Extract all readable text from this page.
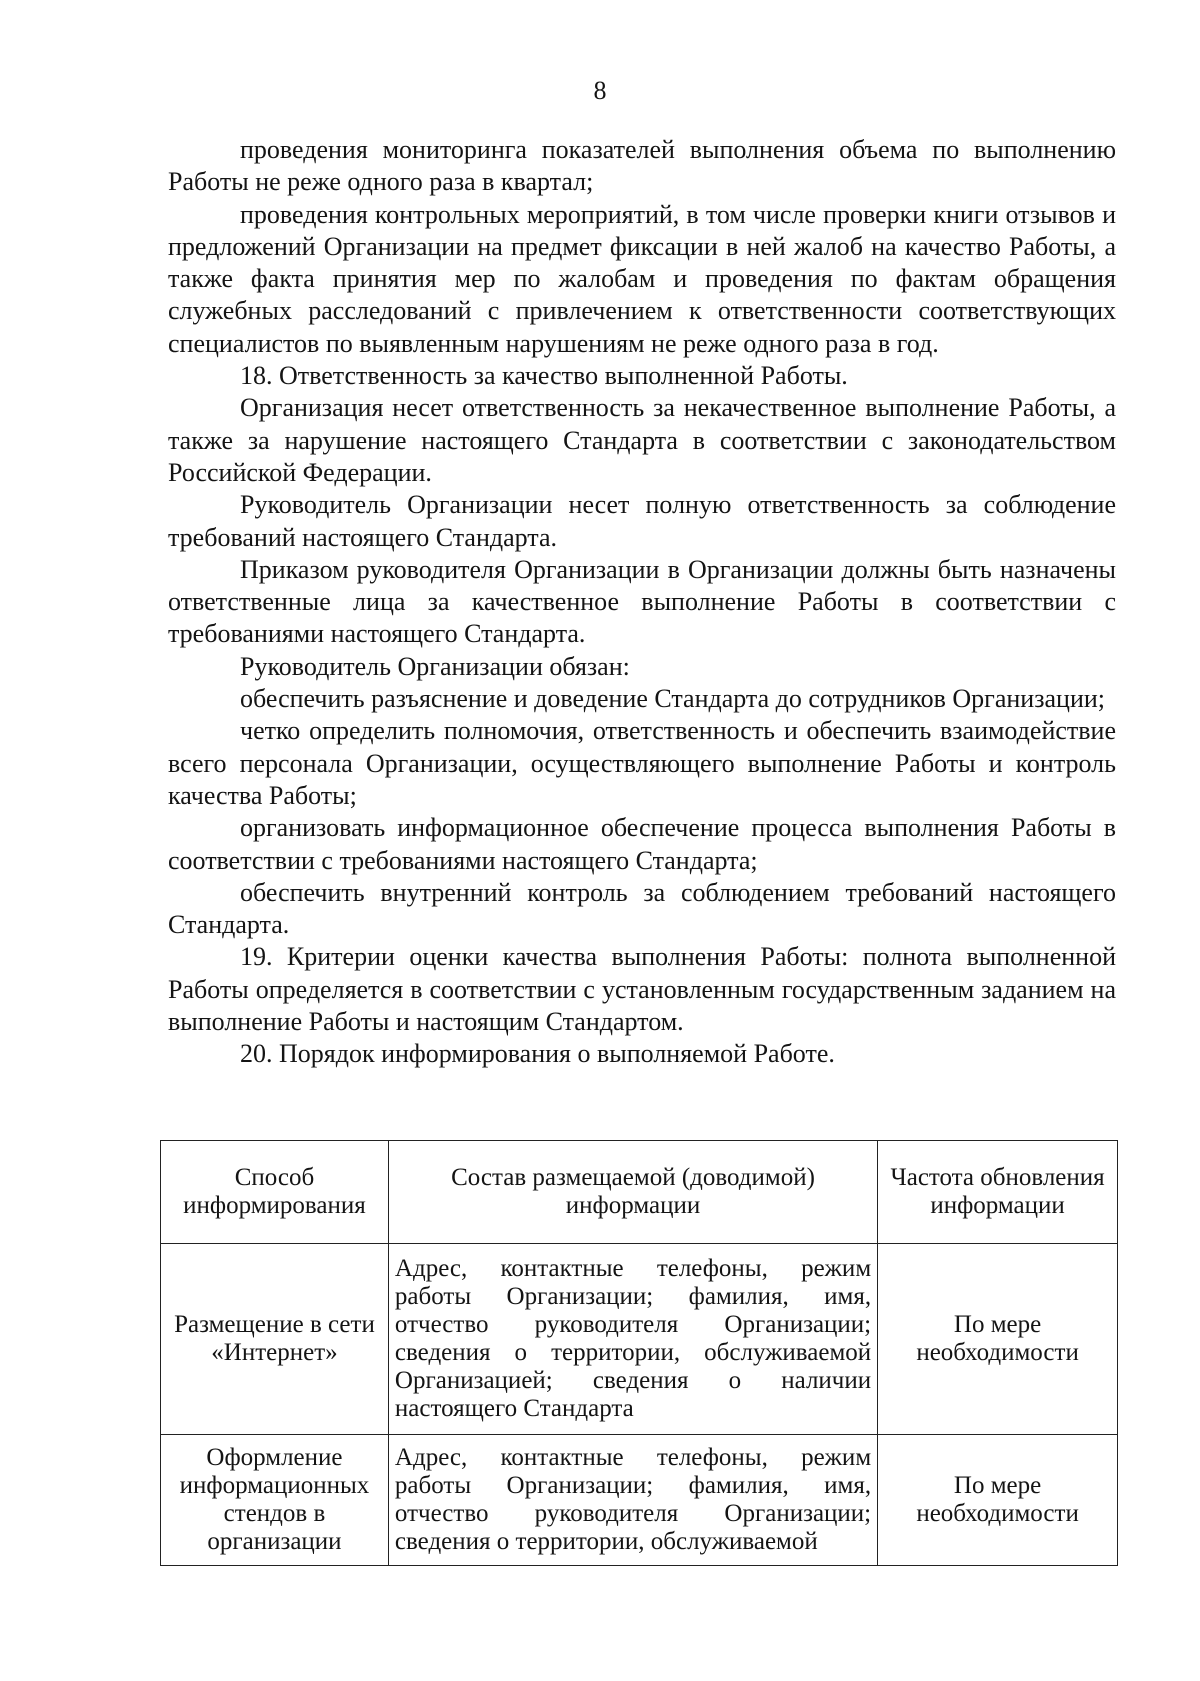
8

проведения мониторинга показателей выполнения объема по выполнению Работы не реже одного раза в квартал;

проведения контрольных мероприятий, в том числе проверки книги отзывов и предложений Организации на предмет фиксации в ней жалоб на качество Работы, а также факта принятия мер по жалобам и проведения по фактам обращения служебных расследований с привлечением к ответственности соответствующих специалистов по выявленным нарушениям не реже одного раза в год.

18. Ответственность за качество выполненной Работы.

Организация несет ответственность за некачественное выполнение Работы, а также за нарушение настоящего Стандарта в соответствии с законодательством Российской Федерации.

Руководитель Организации несет полную ответственность за соблюдение требований настоящего Стандарта.

Приказом руководителя Организации в Организации должны быть назначены ответственные лица за качественное выполнение Работы в соответствии с требованиями настоящего Стандарта.

Руководитель Организации обязан:

обеспечить разъяснение и доведение Стандарта до сотрудников Организации;

четко определить полномочия, ответственность и обеспечить взаимодействие всего персонала Организации, осуществляющего выполнение Работы и контроль качества Работы;

организовать информационное обеспечение процесса выполнения Работы в соответствии с требованиями настоящего Стандарта;

обеспечить внутренний контроль за соблюдением требований настоящего Стандарта.

19. Критерии оценки качества выполнения Работы: полнота выполненной Работы определяется в соответствии с установленным государственным заданием на выполнение Работы и настоящим Стандартом.

20. Порядок информирования о выполняемой Работе.

Способ информирования	Состав размещаемой (доводимой) информации	Частота обновления информации
Размещение в сети «Интернет»	Адрес, контактные телефоны, режим работы Организации; фамилия, имя, отчество руководителя Организации; сведения о территории, обслуживаемой Организацией; сведения о наличии настоящего Стандарта	По мере необходимости
Оформление информационных стендов в организации	Адрес, контактные телефоны, режим работы Организации; фамилия, имя, отчество руководителя Организации; сведения о территории, обслуживаемой	По мере необходимости
